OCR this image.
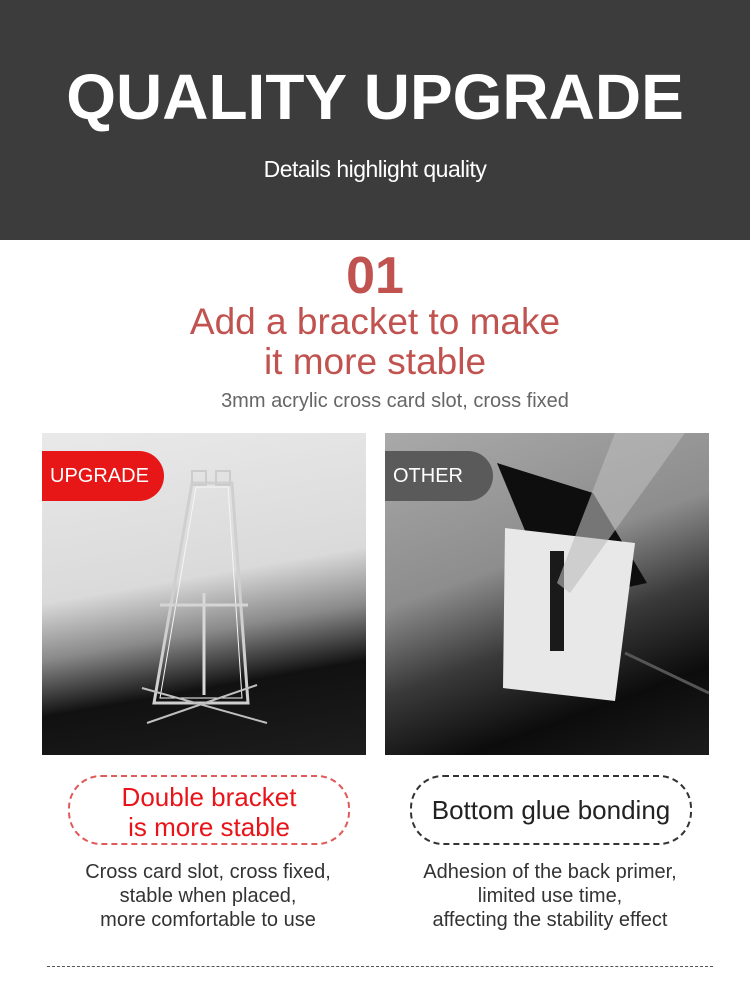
QUALITY UPGRADE
Details highlight quality
01
Add a bracket to make
it more stable
3mm acrylic cross card slot, cross fixed
UPGRADE	OTHER
Double bracket
is more stable
Bottom glue bonding
Cross card slot, cross fixed,
stable when placed,
more comfortable to use
Adhesion of the back primer,
limited use time,
affecting the stability effect
